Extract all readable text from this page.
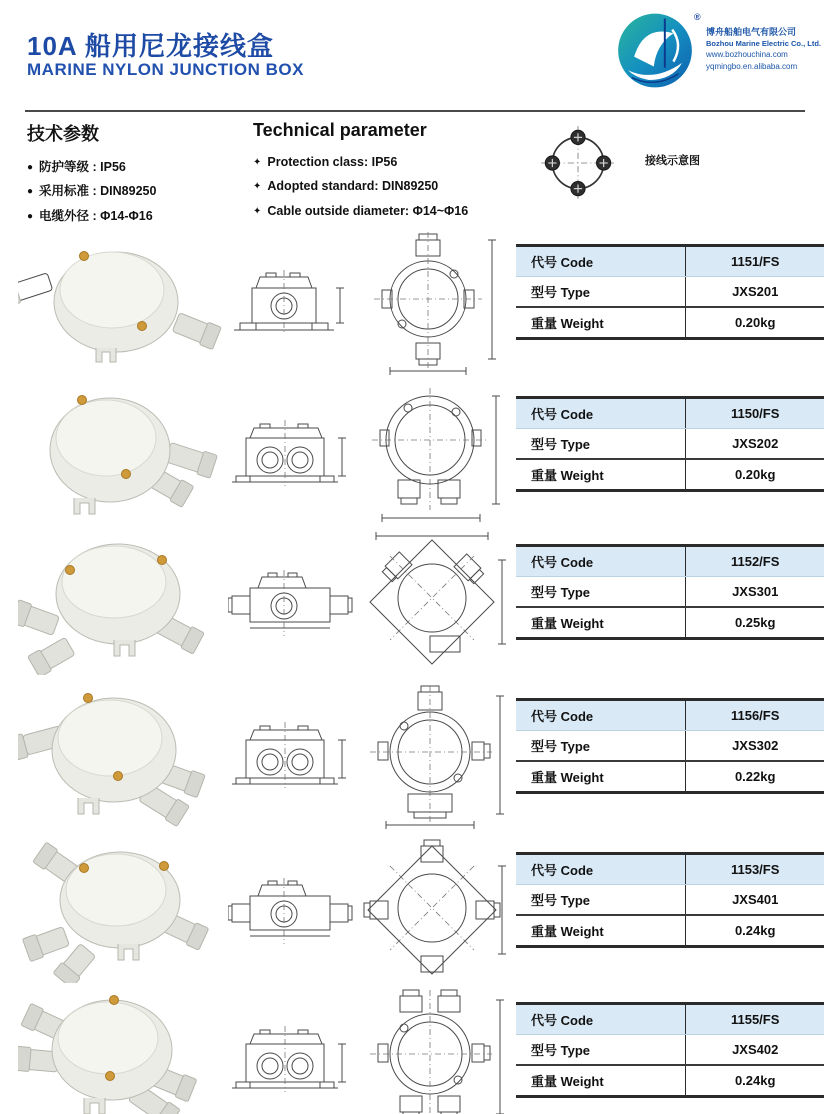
10A 船用尼龙接线盒
MARINE NYLON JUNCTION BOX
®
博舟船舶电气有限公司
Bozhou Marine Electric Co., Ltd.
www.bozhouchina.com
yqmingbo.en.alibaba.com
技术参数
● 防护等级 : IP56
● 采用标准 : DIN89250
● 电缆外径 : Φ14-Φ16
Technical parameter
✦ Protection class: IP56
✦ Adopted standard: DIN89250
✦ Cable outside diameter: Φ14~Φ16
接线示意图
代号 Code	1151/FS
型号 Type	JXS201
重量 Weight	0.20kg
代号 Code	1150/FS
型号 Type	JXS202
重量 Weight	0.20kg
代号 Code	1152/FS
型号 Type	JXS301
重量 Weight	0.25kg
代号 Code	1156/FS
型号 Type	JXS302
重量 Weight	0.22kg
代号 Code	1153/FS
型号 Type	JXS401
重量 Weight	0.24kg
代号 Code	1155/FS
型号 Type	JXS402
重量 Weight	0.24kg
